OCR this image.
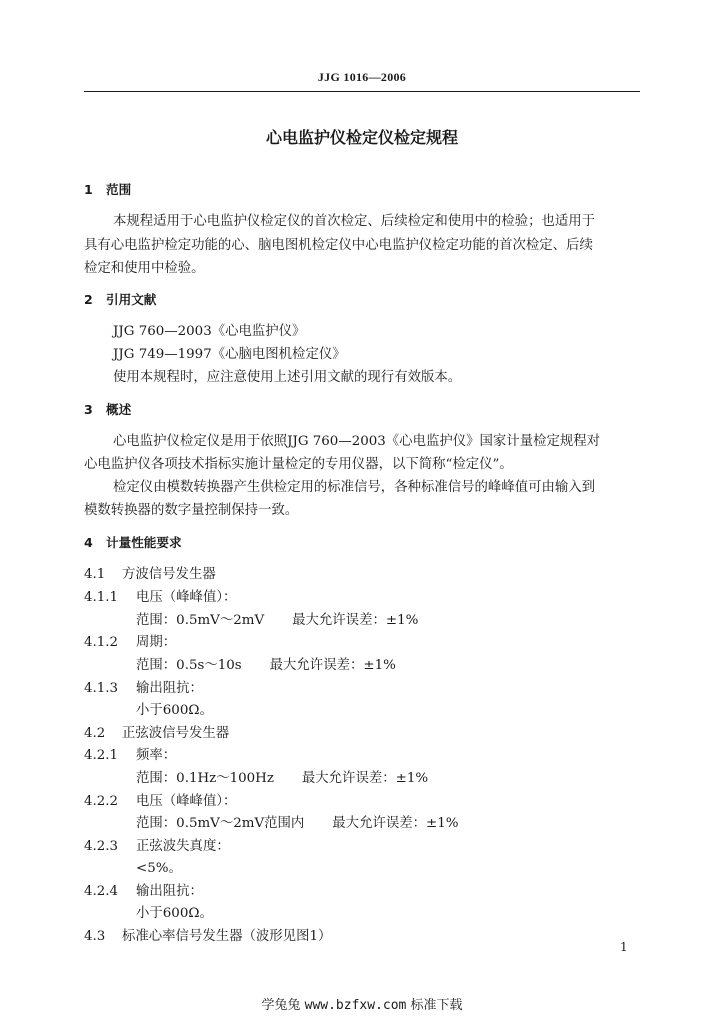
JJG 1016—2006
心电监护仪检定仪检定规程
1 范围
本规程适用于心电监护仪检定仪的首次检定、后续检定和使用中的检验；也适用于
具有心电监护检定功能的心、脑电图机检定仪中心电监护仪检定功能的首次检定、后续
检定和使用中检验。
2 引用文献
JJG 760—2003《心电监护仪》
JJG 749—1997《心脑电图机检定仪》
使用本规程时，应注意使用上述引用文献的现行有效版本。
3 概述
心电监护仪检定仪是用于依照JJG 760—2003《心电监护仪》国家计量检定规程对
心电监护仪各项技术指标实施计量检定的专用仪器，以下简称“检定仪”。
检定仪由模数转换器产生供检定用的标准信号，各种标准信号的峰峰值可由输入到
模数转换器的数字量控制保持一致。
4 计量性能要求
4.1 方波信号发生器
4.1.1 电压（峰峰值）：
范围：0.5mV～2mV 最大允许误差：±1%
4.1.2 周期：
范围：0.5s～10s 最大允许误差：±1%
4.1.3 输出阻抗：
小于600Ω。
4.2 正弦波信号发生器
4.2.1 频率：
范围：0.1Hz～100Hz 最大允许误差：±1%
4.2.2 电压（峰峰值）：
范围：0.5mV～2mV范围内 最大允许误差：±1%
4.2.3 正弦波失真度：
<5%。
4.2.4 输出阻抗：
小于600Ω。
4.3 标准心率信号发生器（波形见图1）
1
学兔兔 www.bzfxw.com 标准下载
